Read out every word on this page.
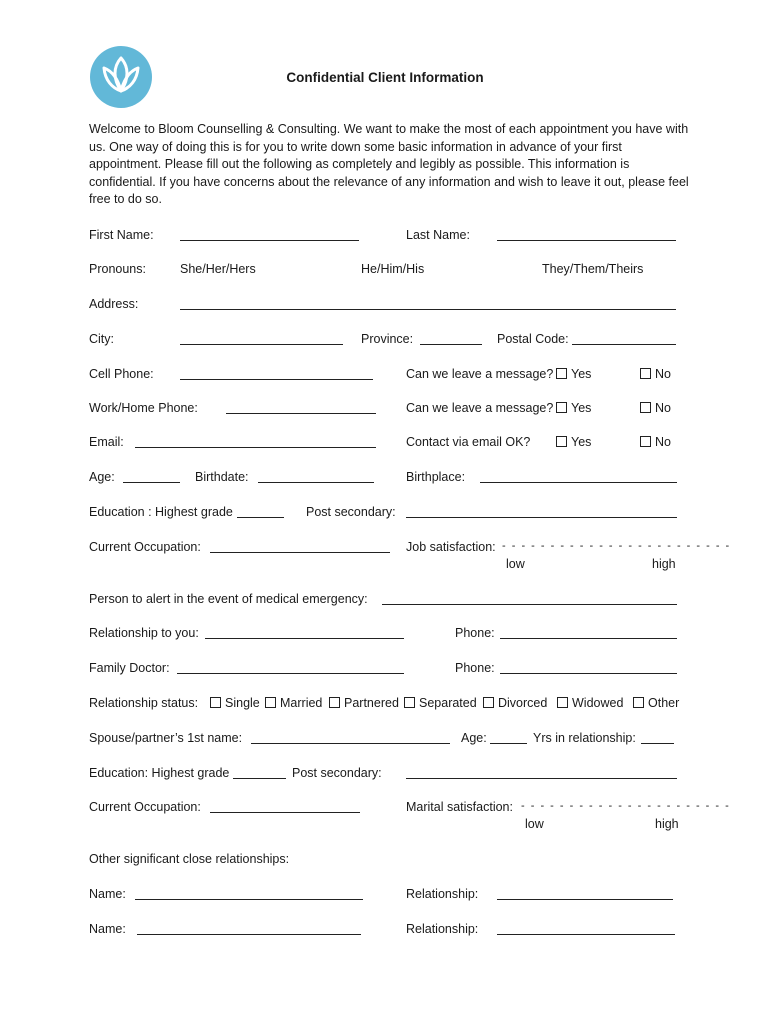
Confidential Client Information
Welcome to Bloom Counselling & Consulting. We want to make the most of each appointment you have with us. One way of doing this is for you to write down some basic information in advance of your first appointment. Please fill out the following as completely and legibly as possible. This information is confidential. If you have concerns about the relevance of any information and wish to leave it out, please feel free to do so.
First Name:	Last Name:
Pronouns:	She/Her/Hers	He/Him/His	They/Them/Theirs
Address:
City:	Province:	Postal Code:
Cell Phone:	Can we leave a message?	Yes	No
Work/Home Phone:	Can we leave a message?	Yes	No
Email:	Contact via email OK?	Yes	No
Age:	Birthdate:	Birthplace:
Education : Highest grade	Post secondary:
Current Occupation:	Job satisfaction: - - - - - - - - - - - - - - - - - - - - - - - -
low	high
Person to alert in the event of medical emergency:
Relationship to you:	Phone:
Family Doctor:	Phone:
Relationship status:	Single	Married	Partnered	Separated	Divorced	Widowed	Other
Spouse/partner’s 1st name:	Age:	Yrs in relationship:
Education: Highest grade	Post secondary:
Current Occupation:	Marital satisfaction: - - - - - - - - - - - - - - - - - - - - - -
low	high
Other significant close relationships:
Name:	Relationship:
Name:	Relationship:
